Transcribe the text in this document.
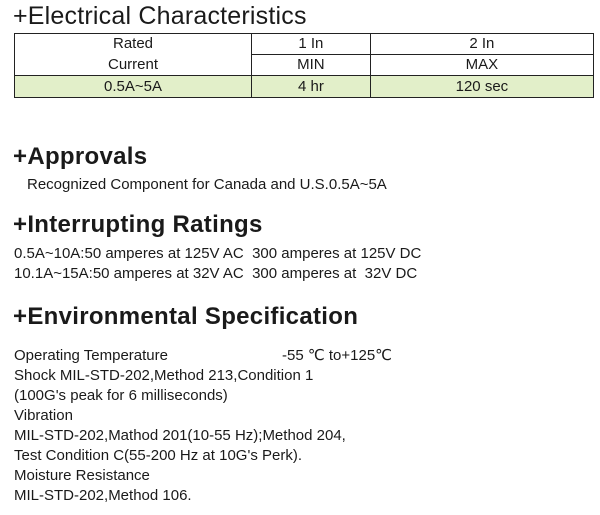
+Electrical Characteristics
Rated	1 In	2 In
Current	MIN	MAX
0.5A~5A	4 hr	120 sec
+Approvals
Recognized Component for Canada and U.S.0.5A~5A
+Interrupting Ratings
0.5A~10A:50 amperes at 125V AC  300 amperes at 125V DC
10.1A~15A:50 amperes at 32V AC  300 amperes at  32V DC
+Environmental Specification
Operating Temperature	-55 ℃ to+125℃
Shock MIL-STD-202,Method 213,Condition 1
(100G's peak for 6 milliseconds)
Vibration
MIL-STD-202,Mathod 201(10-55 Hz);Method 204,
Test Condition C(55-200 Hz at 10G's Perk).
Moisture Resistance
MIL-STD-202,Method 106.
